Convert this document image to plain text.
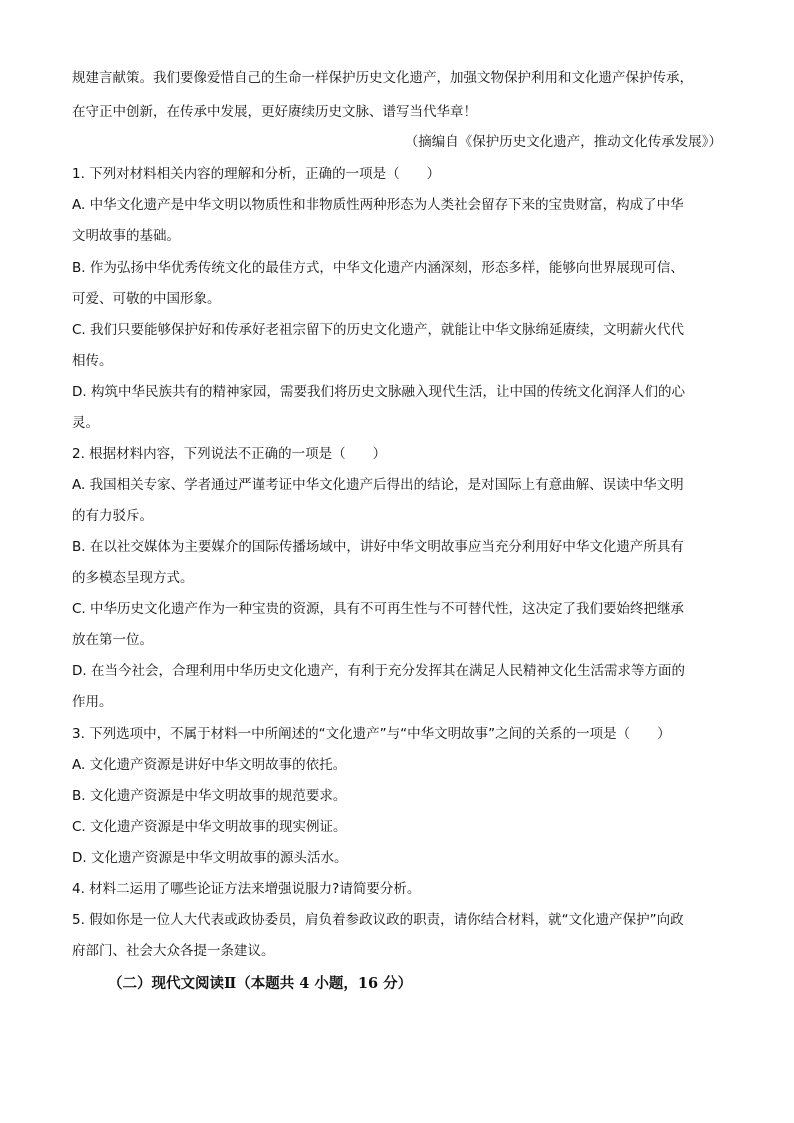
规建言献策。我们要像爱惜自己的生命一样保护历史文化遗产，加强文物保护利用和文化遗产保护传承，
在守正中创新，在传承中发展，更好赓续历史文脉、谱写当代华章！
（摘编自《保护历史文化遗产，推动文化传承发展》）
1. 下列对材料相关内容的理解和分析，正确的一项是（　　）
A. 中华文化遗产是中华文明以物质性和非物质性两种形态为人类社会留存下来的宝贵财富，构成了中华
文明故事的基础。
B. 作为弘扬中华优秀传统文化的最佳方式，中华文化遗产内涵深刻，形态多样，能够向世界展现可信、
可爱、可敬的中国形象。
C. 我们只要能够保护好和传承好老祖宗留下的历史文化遗产，就能让中华文脉绵延赓续，文明薪火代代
相传。
D. 构筑中华民族共有的精神家园，需要我们将历史文脉融入现代生活，让中国的传统文化润泽人们的心
灵。
2. 根据材料内容，下列说法不正确的一项是（　　）
A. 我国相关专家、学者通过严谨考证中华文化遗产后得出的结论，是对国际上有意曲解、误读中华文明
的有力驳斥。
B. 在以社交媒体为主要媒介的国际传播场域中，讲好中华文明故事应当充分利用好中华文化遗产所具有
的多模态呈现方式。
C. 中华历史文化遗产作为一种宝贵的资源，具有不可再生性与不可替代性，这决定了我们要始终把继承
放在第一位。
D. 在当今社会，合理利用中华历史文化遗产，有利于充分发挥其在满足人民精神文化生活需求等方面的
作用。
3. 下列选项中，不属于材料一中所阐述的“文化遗产”与“中华文明故事”之间的关系的一项是（　　）
A. 文化遗产资源是讲好中华文明故事的依托。
B. 文化遗产资源是中华文明故事的规范要求。
C. 文化遗产资源是中华文明故事的现实例证。
D. 文化遗产资源是中华文明故事的源头活水。
4. 材料二运用了哪些论证方法来增强说服力?请简要分析。
5. 假如你是一位人大代表或政协委员，肩负着参政议政的职责，请你结合材料，就“文化遗产保护”向政
府部门、社会大众各提一条建议。
（二）现代文阅读Ⅱ（本题共 4 小题，16 分）
